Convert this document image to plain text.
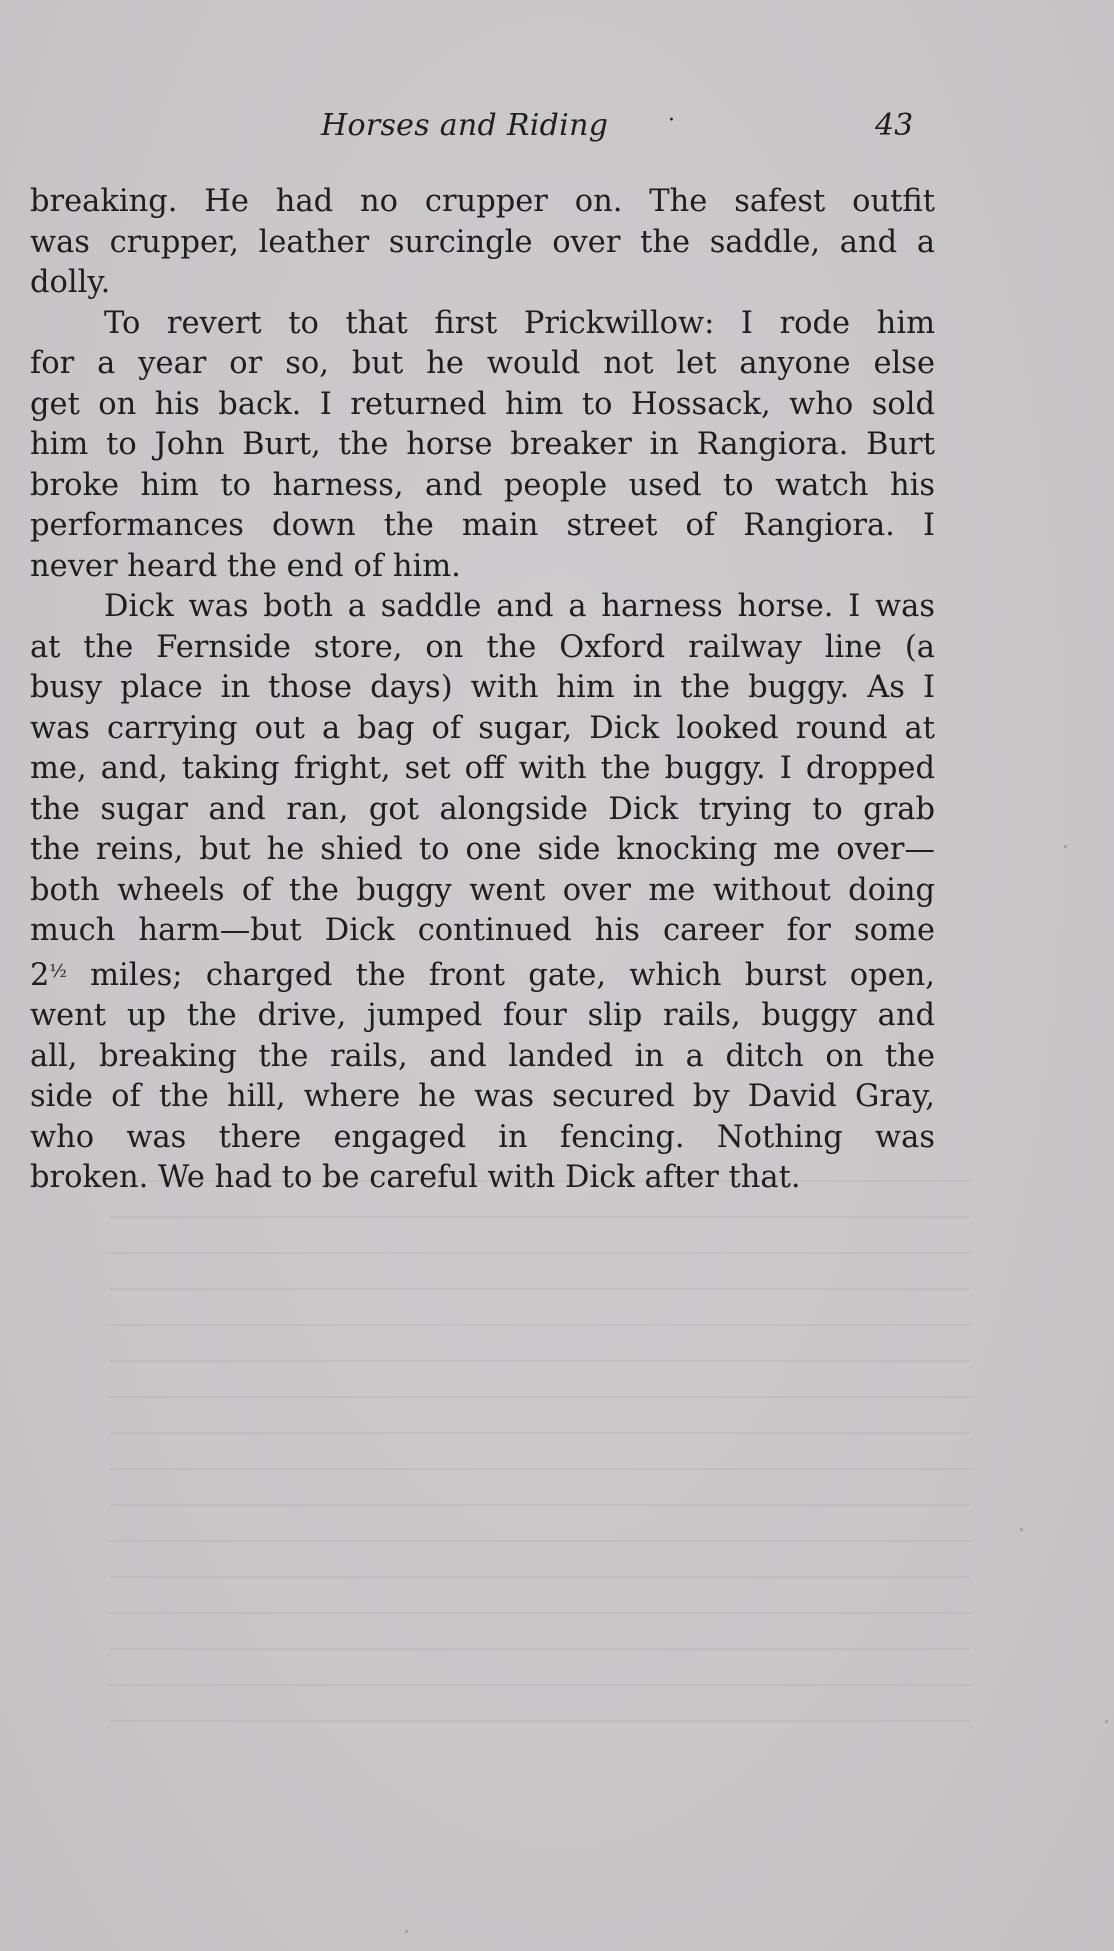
Horses and Riding	·	43
breaking. He had no crupper on. The safest outfit
was crupper, leather surcingle over the saddle, and a
dolly.
To revert to that first Prickwillow: I rode him
for a year or so, but he would not let anyone else
get on his back. I returned him to Hossack, who sold
him to John Burt, the horse breaker in Rangiora. Burt
broke him to harness, and people used to watch his
performances down the main street of Rangiora. I
never heard the end of him.
Dick was both a saddle and a harness horse. I was
at the Fernside store, on the Oxford railway line (a
busy place in those days) with him in the buggy. As I
was carrying out a bag of sugar, Dick looked round at
me, and, taking fright, set off with the buggy. I dropped
the sugar and ran, got alongside Dick trying to grab
the reins, but he shied to one side knocking me over—
both wheels of the buggy went over me without doing
much harm—but Dick continued his career for some
$2^{\frac{1}{2}}$ miles; charged the front gate, which burst open,
went up the drive, jumped four slip rails, buggy and
all, breaking the rails, and landed in a ditch on the
side of the hill, where he was secured by David Gray,
who was there engaged in fencing. Nothing was
broken. We had to be careful with Dick after that.
